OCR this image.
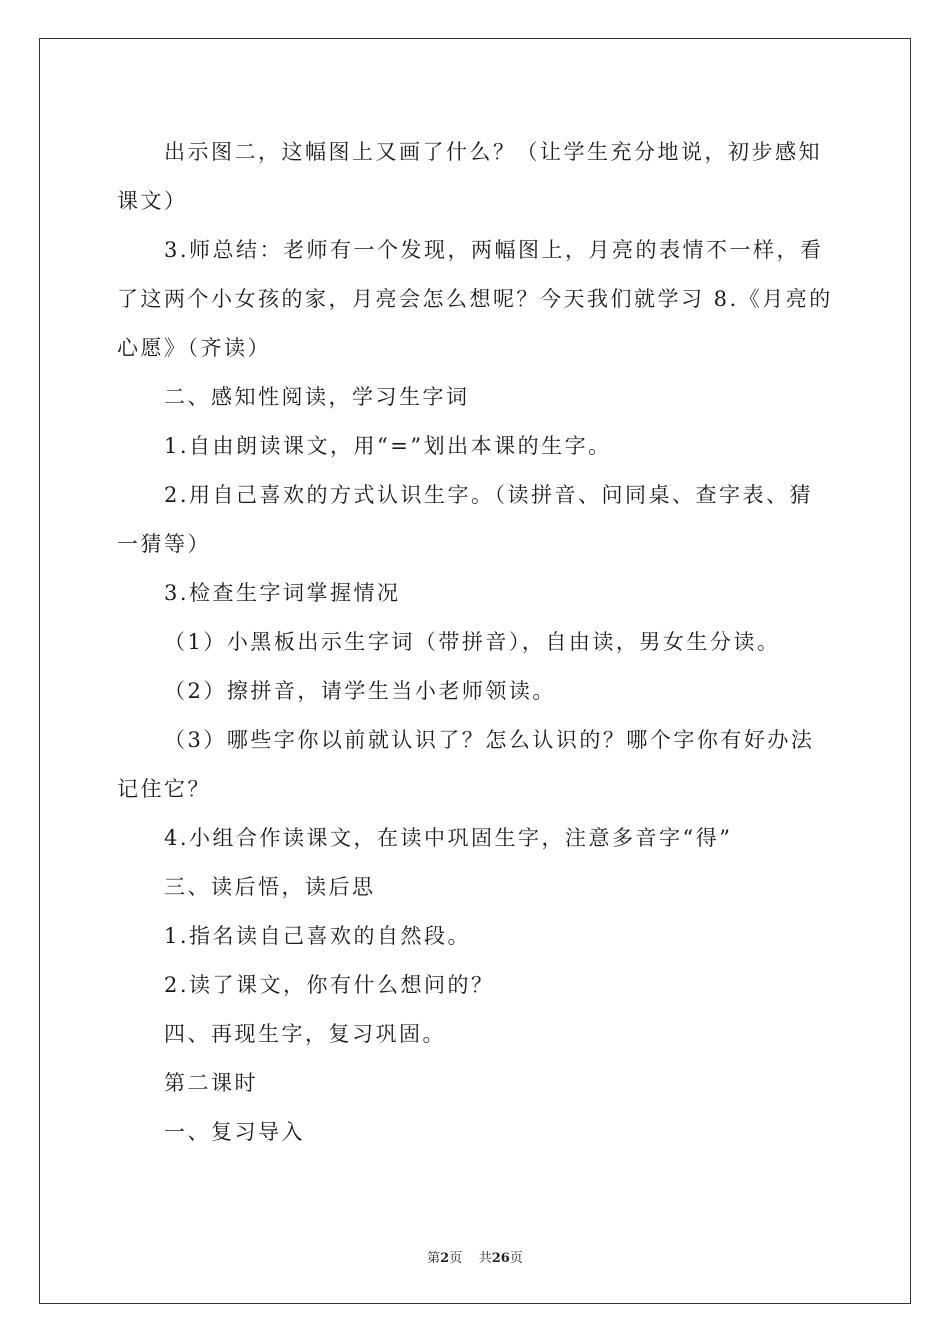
出示图二，这幅图上又画了什么？（让学生充分地说，初步感知课文）

3.师总结：老师有一个发现，两幅图上，月亮的表情不一样，看了这两个小女孩的家，月亮会怎么想呢？今天我们就学习 8.《月亮的心愿》（齐读）

二、感知性阅读，学习生字词

1.自由朗读课文，用“=”划出本课的生字。

2.用自己喜欢的方式认识生字。（读拼音、问同桌、查字表、猜一猜等）

3.检查生字词掌握情况

（1）小黑板出示生字词（带拼音），自由读，男女生分读。

（2）擦拼音，请学生当小老师领读。

（3）哪些字你以前就认识了？怎么认识的？哪个字你有好办法记住它？

4.小组合作读课文，在读中巩固生字，注意多音字“得”

三、读后悟，读后思

1.指名读自己喜欢的自然段。

2.读了课文，你有什么想问的？

四、再现生字，复习巩固。

第二课时

一、复习导入

第2页 共26页
